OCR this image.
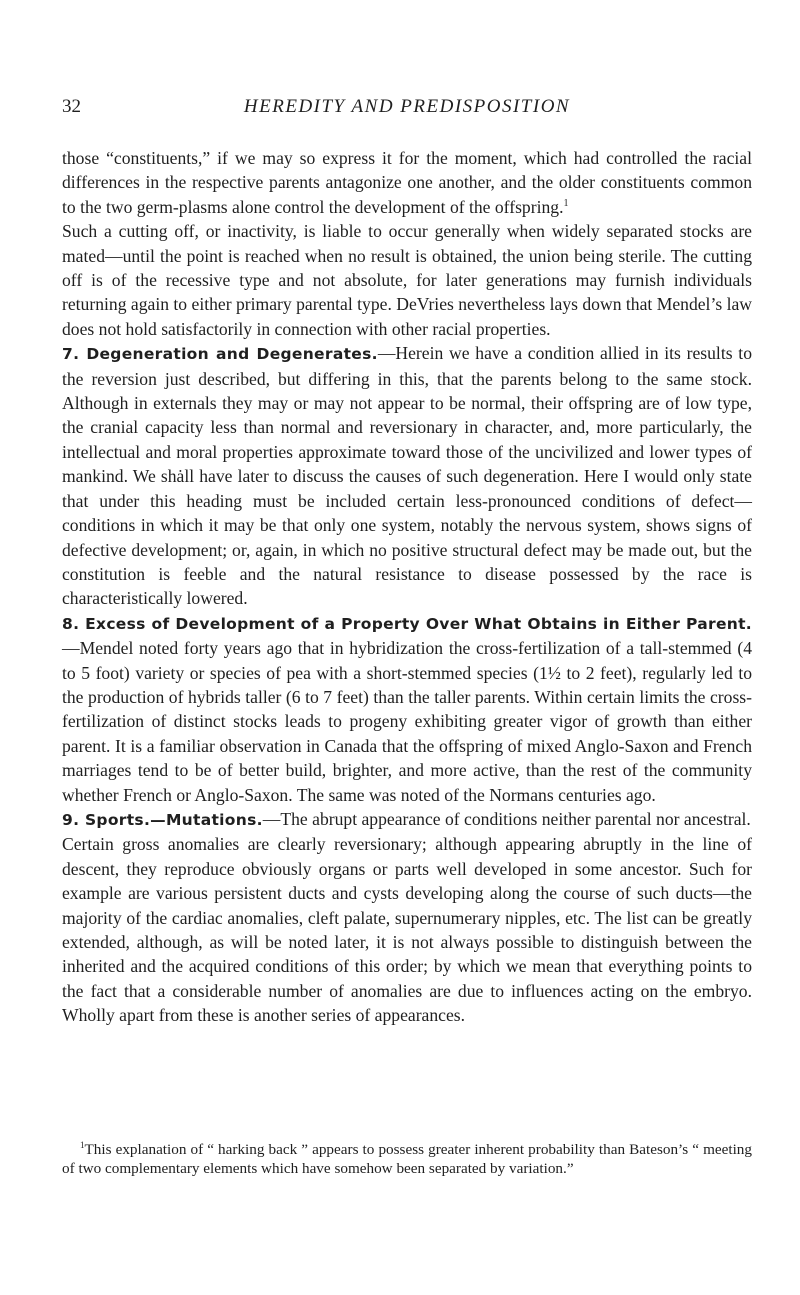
32	HEREDITY AND PREDISPOSITION

those “constituents,” if we may so express it for the moment, which had controlled the racial differences in the respective parents antagonize one another, and the older constituents common to the two germ-plasms alone control the development of the offspring.$^1$

Such a cutting off, or inactivity, is liable to occur generally when widely separated stocks are mated—until the point is reached when no result is obtained, the union being sterile. The cutting off is of the recessive type and not absolute, for later generations may furnish individuals returning again to either primary parental type. DeVries nevertheless lays down that Mendel’s law does not hold satisfactorily in connection with other racial properties.

7. Degeneration and Degenerates.—Herein we have a condition allied in its results to the reversion just described, but differing in this, that the parents belong to the same stock. Although in externals they may or may not appear to be normal, their offspring are of low type, the cranial capacity less than normal and reversionary in character, and, more particularly, the intellectual and moral properties approximate toward those of the uncivilized and lower types of mankind. We shȧll have later to discuss the causes of such degeneration. Here I would only state that under this heading must be included certain less-pronounced conditions of defect—conditions in which it may be that only one system, notably the nervous system, shows signs of defective development; or, again, in which no positive structural defect may be made out, but the constitution is feeble and the natural resistance to disease possessed by the race is characteristically lowered.

8. Excess of Development of a Property Over What Obtains in Either Parent.—Mendel noted forty years ago that in hybridization the cross-fertilization of a tall-stemmed (4 to 5 foot) variety or species of pea with a short-stemmed species (1½ to 2 feet), regularly led to the production of hybrids taller (6 to 7 feet) than the taller parents. Within certain limits the cross-fertilization of distinct stocks leads to progeny exhibiting greater vigor of growth than either parent. It is a familiar observation in Canada that the offspring of mixed Anglo-Saxon and French marriages tend to be of better build, brighter, and more active, than the rest of the community whether French or Anglo-Saxon. The same was noted of the Normans centuries ago.

9. Sports.—Mutations.—The abrupt appearance of conditions neither parental nor ancestral.

Certain gross anomalies are clearly reversionary; although appearing abruptly in the line of descent, they reproduce obviously organs or parts well developed in some ancestor. Such for example are various persistent ducts and cysts developing along the course of such ducts—the majority of the cardiac anomalies, cleft palate, supernumerary nipples, etc. The list can be greatly extended, although, as will be noted later, it is not always possible to distinguish between the inherited and the acquired conditions of this order; by which we mean that everything points to the fact that a considerable number of anomalies are due to influences acting on the embryo. Wholly apart from these is another series of appearances.

$^1$This explanation of “ harking back ” appears to possess greater inherent probability than Bateson’s “ meeting of two complementary elements which have somehow been separated by variation.”
